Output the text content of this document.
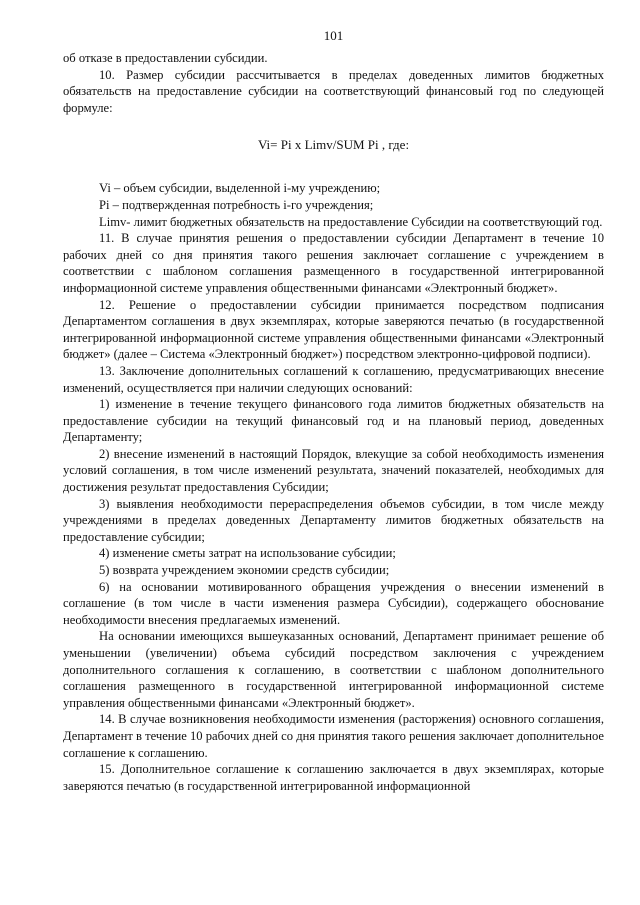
101

об отказе в предоставлении субсидии.

10. Размер субсидии рассчитывается в пределах доведенных лимитов бюджетных обязательств на предоставление субсидии на соответствующий финансовый год по следующей формуле:

Vi= Pi x Limv/SUM Pi , где:

Vi – объем субсидии, выделенной i-му учреждению;

Pi – подтвержденная потребность i-го учреждения;

Limv- лимит бюджетных обязательств на предоставление Субсидии на соответствующий год.

11. В случае принятия решения о предоставлении субсидии Департамент в течение 10 рабочих дней со дня принятия такого решения заключает соглашение с учреждением в соответствии с шаблоном соглашения размещенного в государственной интегрированной информационной системе управления общественными финансами «Электронный бюджет».

12. Решение о предоставлении субсидии принимается посредством подписания Департаментом соглашения в двух экземплярах, которые заверяются печатью (в государственной интегрированной информационной системе управления общественными финансами «Электронный бюджет» (далее – Система «Электронный бюджет») посредством электронно-цифровой подписи).

13. Заключение дополнительных соглашений к соглашению, предусматривающих внесение изменений, осуществляется при наличии следующих оснований:

1) изменение в течение текущего финансового года лимитов бюджетных обязательств на предоставление субсидии на текущий финансовый год и на плановый период, доведенных Департаменту;

2) внесение изменений в настоящий Порядок, влекущие за собой необходимость изменения условий соглашения, в том числе изменений результата, значений показателей, необходимых для достижения результат предоставления Субсидии;

3) выявления необходимости перераспределения объемов субсидии, в том числе между учреждениями в пределах доведенных Департаменту лимитов бюджетных обязательств на предоставление субсидии;

4) изменение сметы затрат на использование субсидии;

5) возврата учреждением экономии средств субсидии;

6) на основании мотивированного обращения учреждения о внесении изменений в соглашение (в том числе в части изменения размера Субсидии), содержащего обоснование необходимости внесения предлагаемых изменений.

На основании имеющихся вышеуказанных оснований, Департамент принимает решение об уменьшении (увеличении) объема субсидий посредством заключения с учреждением дополнительного соглашения к соглашению, в соответствии с шаблоном дополнительного соглашения размещенного в государственной интегрированной информационной системе управления общественными финансами «Электронный бюджет».

14. В случае возникновения необходимости изменения (расторжения) основного соглашения, Департамент в течение 10 рабочих дней со дня принятия такого решения заключает дополнительное соглашение к соглашению.

15. Дополнительное соглашение к соглашению заключается в двух экземплярах, которые заверяются печатью (в государственной интегрированной информационной
